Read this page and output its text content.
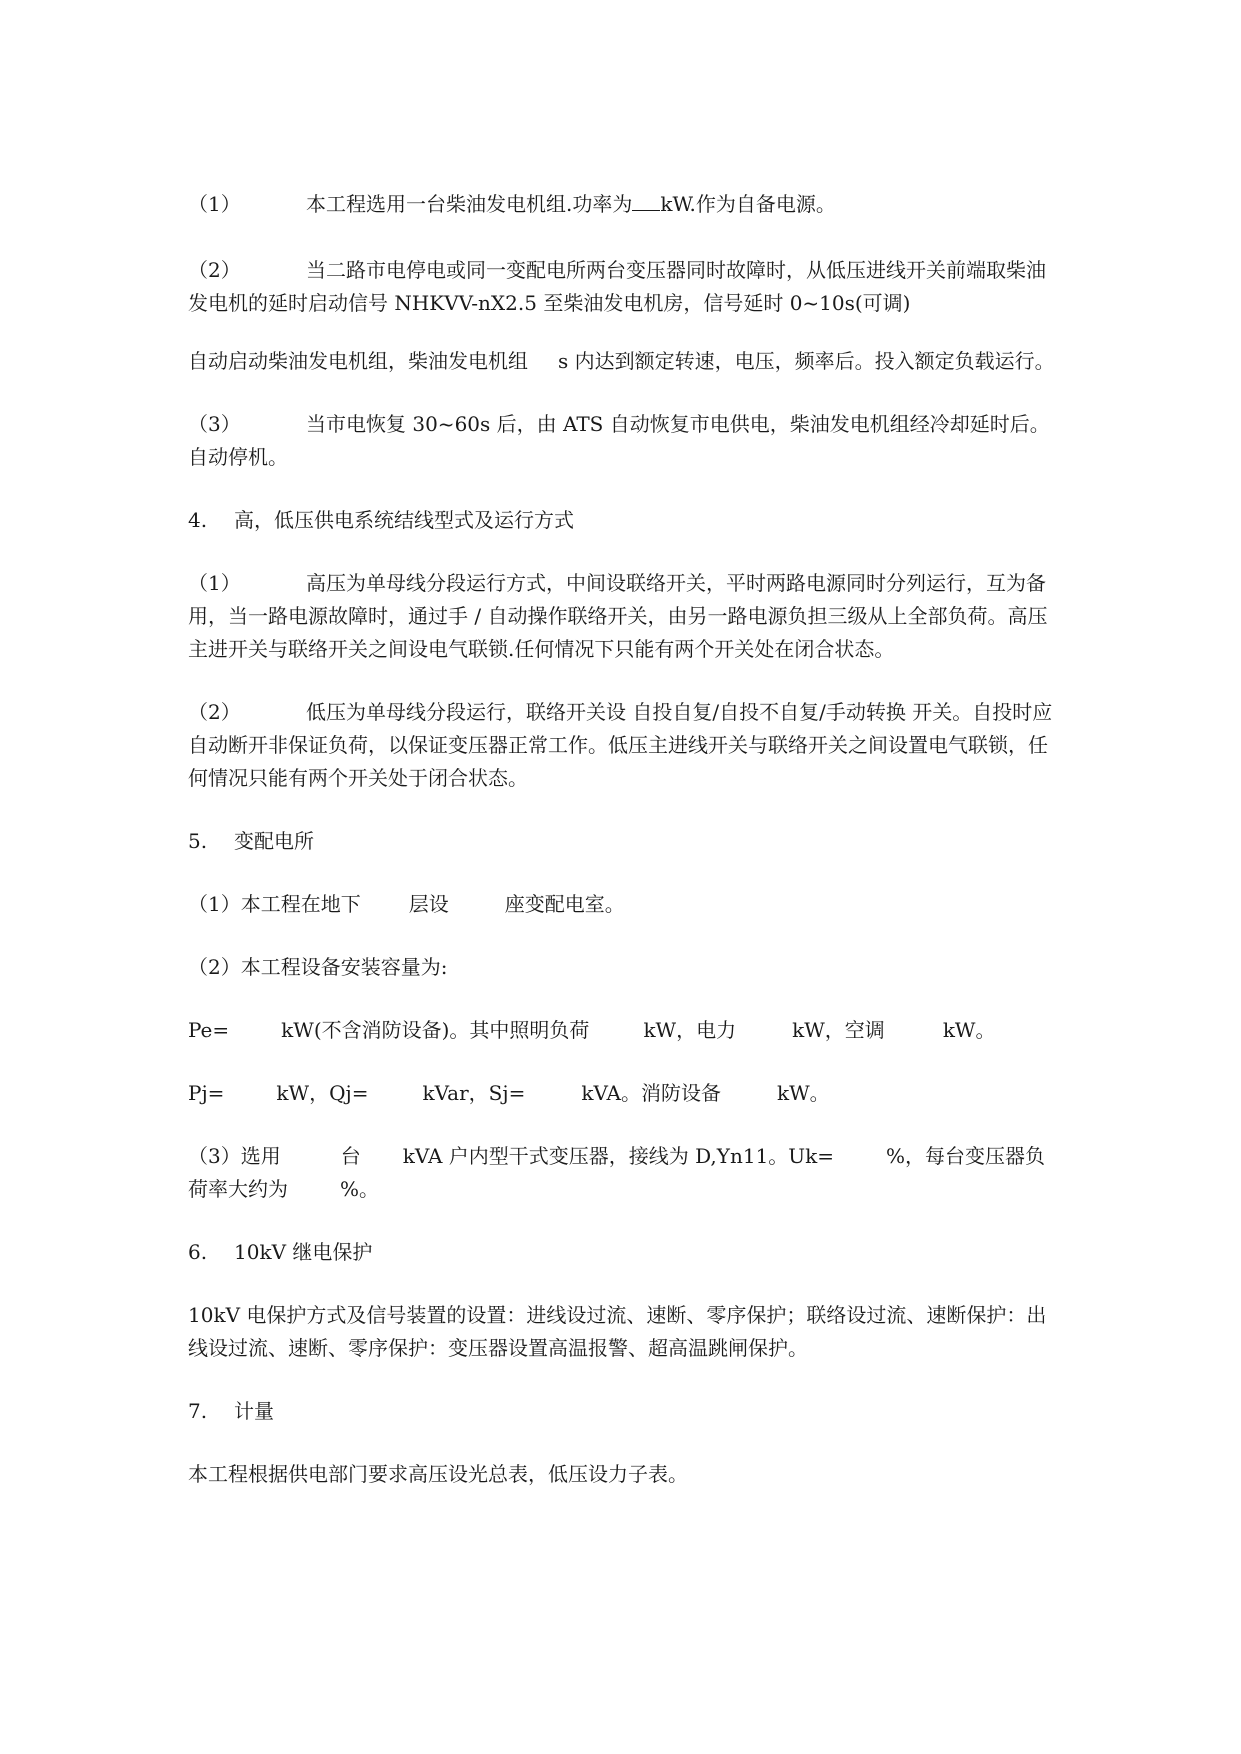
（1）	本工程选用一台柴油发电机组.功率为 kW.作为自备电源。

（2）	当二路市电停电或同一变配电所两台变压器同时故障时，从低压进线开关前端取柴油发电机的延时启动信号 NHKVV-nX2.5 至柴油发电机房，信号延时 0~10s(可调)

自动启动柴油发电机组，柴油发电机组 s 内达到额定转速，电压，频率后。投入额定负载运行。

（3）	当市电恢复 30~60s 后，由 ATS 自动恢复市电供电，柴油发电机组经冷却延时后。自动停机。

4. 高，低压供电系统结线型式及运行方式

（1）	高压为单母线分段运行方式，中间设联络开关，平时两路电源同时分列运行，互为备用，当一路电源故障时，通过手 / 自动操作联络开关，由另一路电源负担三级从上全部负荷。高压主进开关与联络开关之间设电气联锁.任何情况下只能有两个开关处在闭合状态。

（2）	低压为单母线分段运行，联络开关设 自投自复/自投不自复/手动转换 开关。自投时应自动断开非保证负荷，以保证变压器正常工作。低压主进线开关与联络开关之间设置电气联锁，任何情况只能有两个开关处于闭合状态。

5. 变配电所

（1）本工程在地下 层设	座变配电室。

（2）本工程设备安装容量为:

Pe=	kW(不含消防设备)。其中照明负荷	kW，电力	kW，空调	kW。

Pj=	kW，Qj=	kVar，Sj=	kVA。消防设备	kW。

（3）选用	台 kVA 户内型干式变压器，接线为 D,Yn11。Uk=	%，每台变压器负荷率大约为	%。

6. 10kV 继电保护

10kV 电保护方式及信号装置的设置：进线设过流、速断、零序保护；联络设过流、速断保护：出线设过流、速断、零序保护：变压器设置高温报警、超高温跳闸保护。

7. 计量

本工程根据供电部门要求高压设光总表，低压设力子表。
